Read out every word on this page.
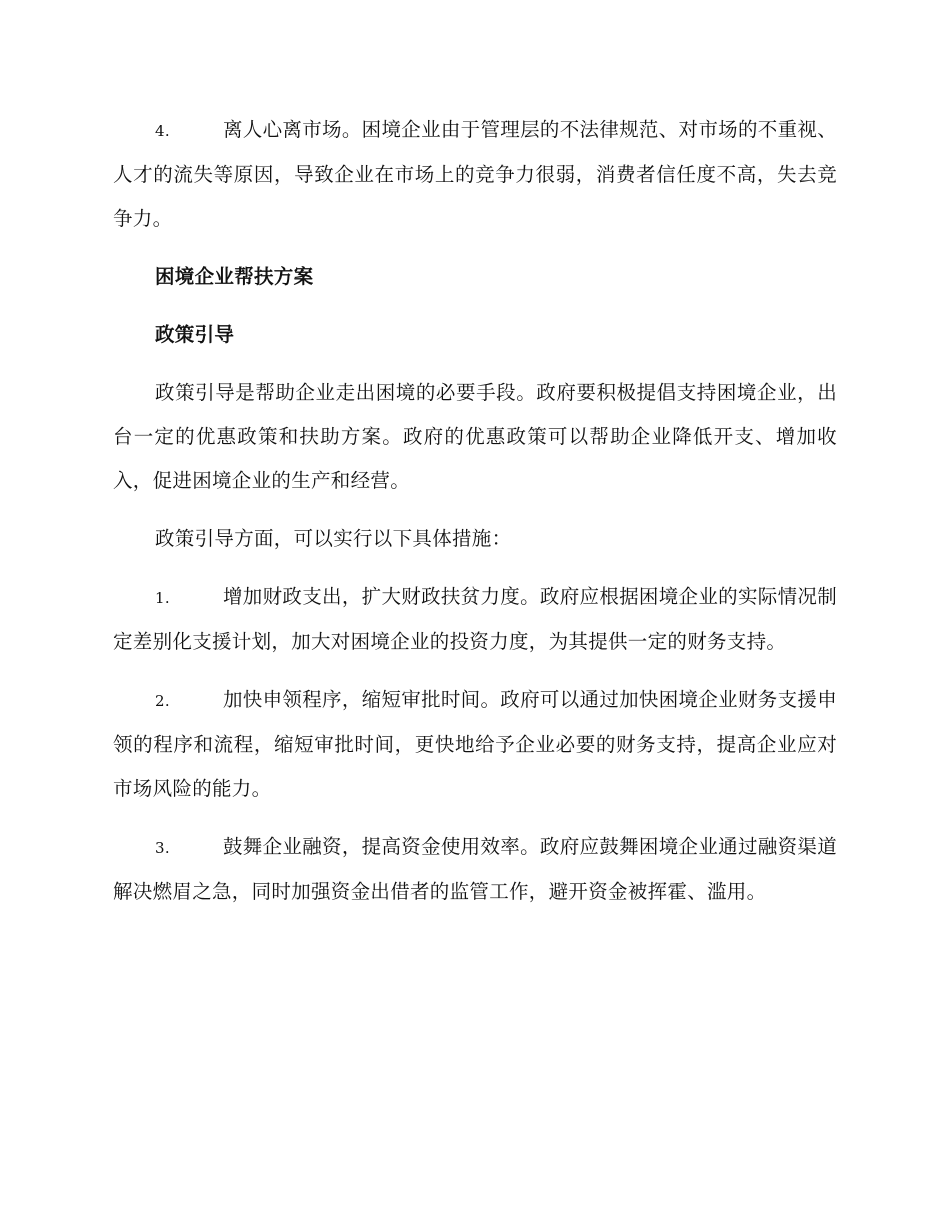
4.	离人心离市场。困境企业由于管理层的不法律规范、对市场的不重视、人才的流失等原因，导致企业在市场上的竞争力很弱，消费者信任度不高，失去竞争力。

困境企业帮扶方案

政策引导

政策引导是帮助企业走出困境的必要手段。政府要积极提倡支持困境企业，出台一定的优惠政策和扶助方案。政府的优惠政策可以帮助企业降低开支、增加收入，促进困境企业的生产和经营。

政策引导方面，可以实行以下具体措施：

1.	增加财政支出，扩大财政扶贫力度。政府应根据困境企业的实际情况制定差别化支援计划，加大对困境企业的投资力度，为其提供一定的财务支持。

2.	加快申领程序，缩短审批时间。政府可以通过加快困境企业财务支援申领的程序和流程，缩短审批时间，更快地给予企业必要的财务支持，提高企业应对市场风险的能力。

3.	鼓舞企业融资，提高资金使用效率。政府应鼓舞困境企业通过融资渠道解决燃眉之急，同时加强资金出借者的监管工作，避开资金被挥霍、滥用。
